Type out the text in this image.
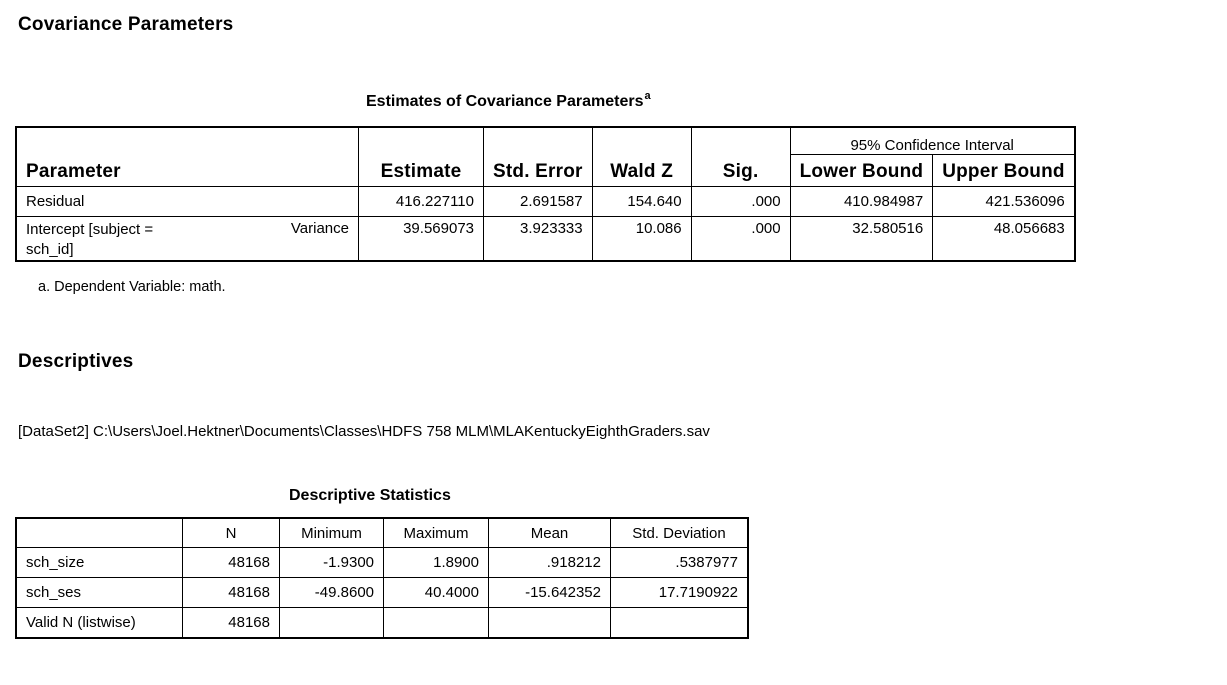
Covariance Parameters
Estimates of Covariance Parameters$^a$
						95% Confidence Interval	
Parameter		Estimate	Std. Error	Wald Z	Sig.	Lower Bound	Upper Bound
Residual		416.227110	2.691587	154.640	.000	410.984987	421.536096
Intercept [subject = sch_id]	Variance	39.569073	3.923333	10.086	.000	32.580516	48.056683
a. Dependent Variable: math.
Descriptives
[DataSet2] C:\Users\Joel.Hektner\Documents\Classes\HDFS 758 MLM\MLAKentuckyEighthGraders.sav
Descriptive Statistics
	N	Minimum	Maximum	Mean	Std. Deviation
sch_size	48168	-1.9300	1.8900	.918212	.5387977
sch_ses	48168	-49.8600	40.4000	-15.642352	17.7190922
Valid N (listwise)	48168				
